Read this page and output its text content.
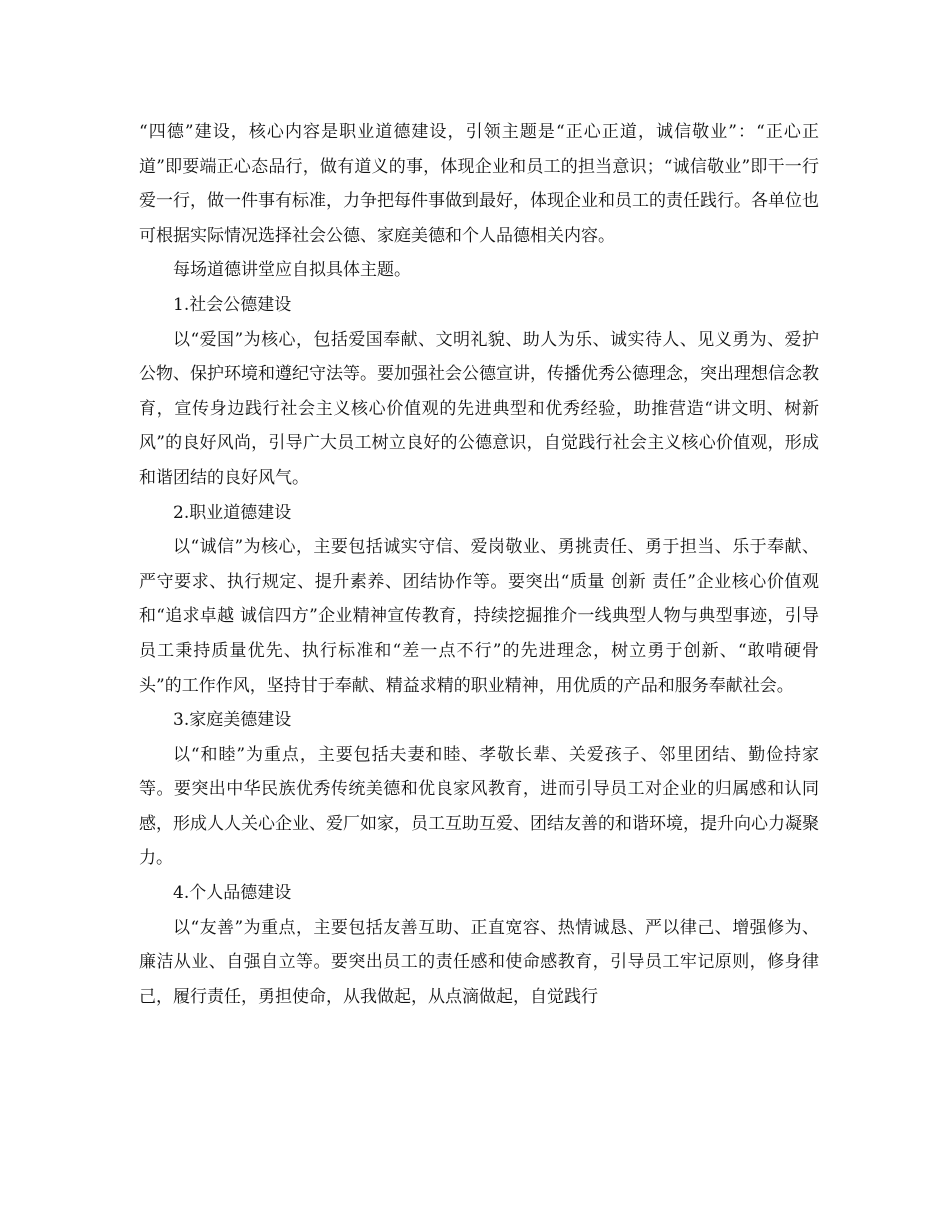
“四德”建设，核心内容是职业道德建设，引领主题是“正心正道，诚信敬业”：“正心正道”即要端正心态品行，做有道义的事，体现企业和员工的担当意识；“诚信敬业”即干一行爱一行，做一件事有标准，力争把每件事做到最好，体现企业和员工的责任践行。各单位也可根据实际情况选择社会公德、家庭美德和个人品德相关内容。

每场道德讲堂应自拟具体主题。

1.社会公德建设

以“爱国”为核心，包括爱国奉献、文明礼貌、助人为乐、诚实待人、见义勇为、爱护公物、保护环境和遵纪守法等。要加强社会公德宣讲，传播优秀公德理念，突出理想信念教育，宣传身边践行社会主义核心价值观的先进典型和优秀经验，助推营造“讲文明、树新风”的良好风尚，引导广大员工树立良好的公德意识，自觉践行社会主义核心价值观，形成和谐团结的良好风气。

2.职业道德建设

以“诚信”为核心，主要包括诚实守信、爱岗敬业、勇挑责任、勇于担当、乐于奉献、严守要求、执行规定、提升素养、团结协作等。要突出“质量 创新 责任”企业核心价值观和“追求卓越 诚信四方”企业精神宣传教育，持续挖掘推介一线典型人物与典型事迹，引导员工秉持质量优先、执行标准和“差一点不行”的先进理念，树立勇于创新、“敢啃硬骨头”的工作作风，坚持甘于奉献、精益求精的职业精神，用优质的产品和服务奉献社会。

3.家庭美德建设

以“和睦”为重点，主要包括夫妻和睦、孝敬长辈、关爱孩子、邻里团结、勤俭持家等。要突出中华民族优秀传统美德和优良家风教育，进而引导员工对企业的归属感和认同感，形成人人关心企业、爱厂如家，员工互助互爱、团结友善的和谐环境，提升向心力凝聚力。

4.个人品德建设

以“友善”为重点，主要包括友善互助、正直宽容、热情诚恳、严以律己、增强修为、廉洁从业、自强自立等。要突出员工的责任感和使命感教育，引导员工牢记原则，修身律己，履行责任，勇担使命，从我做起，从点滴做起，自觉践行
